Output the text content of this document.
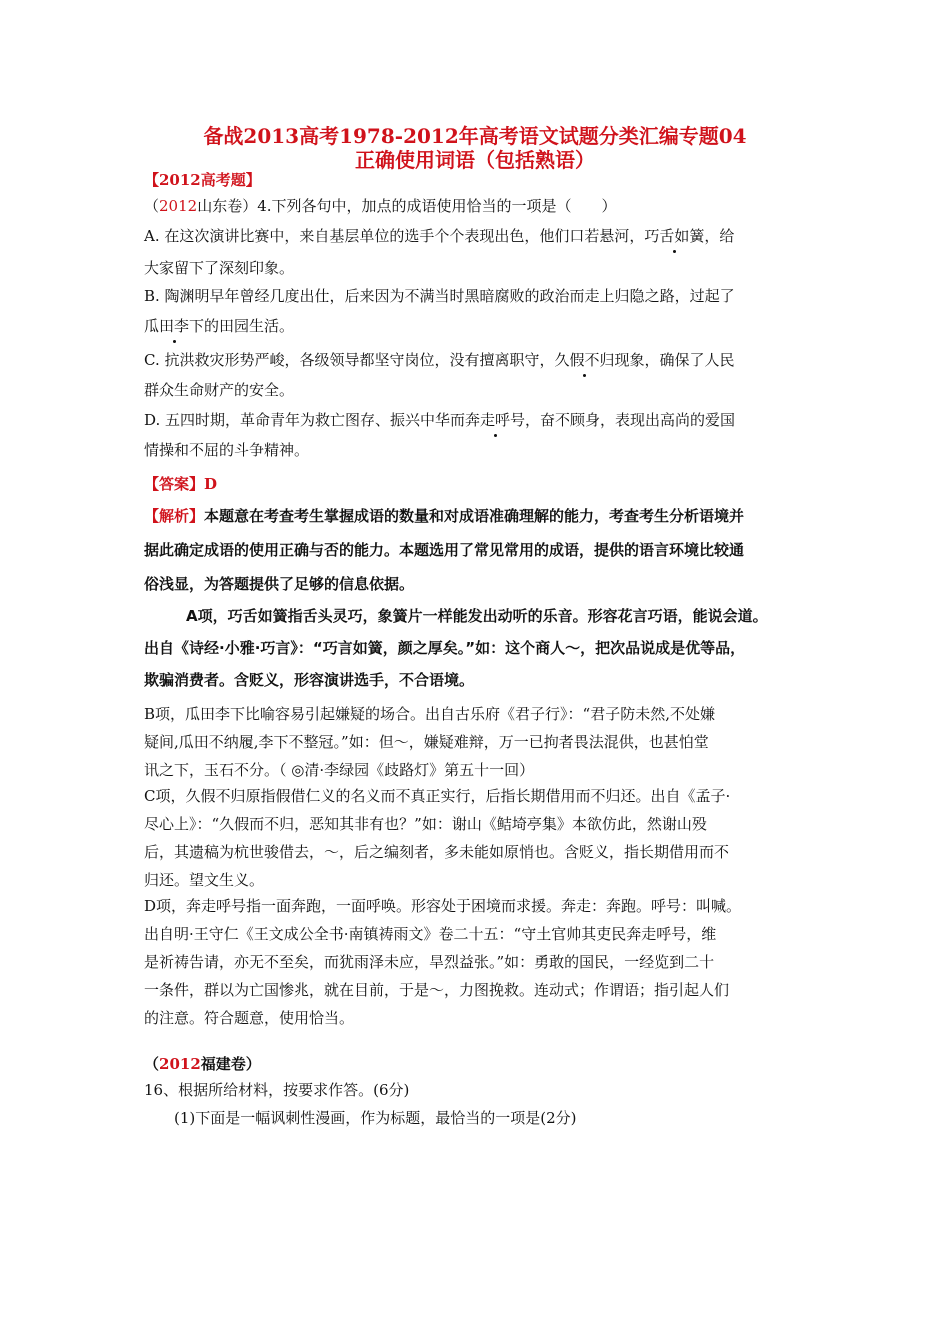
备战2013高考1978-2012年高考语文试题分类汇编专题04
正确使用词语（包括熟语）
【2012高考题】
（2012山东卷）4.下列各句中，加点的成语使用恰当的一项是（　　）
A. 在这次演讲比赛中，来自基层单位的选手个个表现出色，他们口若悬河，巧舌如簧，给
大家留下了深刻印象。
B. 陶渊明早年曾经几度出仕，后来因为不满当时黑暗腐败的政治而走上归隐之路，过起了
瓜田李下的田园生活。
C. 抗洪救灾形势严峻，各级领导都坚守岗位，没有擅离职守，久假不归现象，确保了人民
群众生命财产的安全。
D. 五四时期，革命青年为救亡图存、振兴中华而奔走呼号，奋不顾身，表现出高尚的爱国
情操和不屈的斗争精神。
【答案】D
【解析】本题意在考查考生掌握成语的数量和对成语准确理解的能力，考查考生分析语境并
据此确定成语的使用正确与否的能力。本题选用了常见常用的成语，提供的语言环境比较通
俗浅显，为答题提供了足够的信息依据。
A项，巧舌如簧指舌头灵巧，象簧片一样能发出动听的乐音。形容花言巧语，能说会道。
出自《诗经·小雅·巧言》：“巧言如簧，颜之厚矣。”如：这个商人～，把次品说成是优等品，
欺骗消费者。含贬义，形容演讲选手，不合语境。
B项，瓜田李下比喻容易引起嫌疑的场合。出自古乐府《君子行》：“君子防未然,不处嫌
疑间,瓜田不纳履,李下不整冠。”如：但～，嫌疑难辩，万一已拘者畏法混供，也甚怕堂
讯之下，玉石不分。（ ◎清·李绿园《歧路灯》第五十一回）
C项，久假不归原指假借仁义的名义而不真正实行，后指长期借用而不归还。出自《孟子·
尽心上》：“久假而不归，恶知其非有也？”如：谢山《鲒埼亭集》本欲仿此，然谢山殁
后，其遗稿为杭世骏借去，～，后之编刻者，多未能如原悄也。含贬义，指长期借用而不
归还。望文生义。
D项，奔走呼号指一面奔跑，一面呼唤。形容处于困境而求援。奔走：奔跑。呼号：叫喊。
出自明·王守仁《王文成公全书·南镇祷雨文》卷二十五：“守土官帅其吏民奔走呼号，维
是祈祷告请，亦无不至矣，而犹雨泽未应，旱烈益张。”如：勇敢的国民，一经览到二十
一条件，群以为亡国惨兆，就在目前，于是～，力图挽救。连动式；作谓语；指引起人们
的注意。符合题意，使用恰当。
（2012福建卷）
16、根据所给材料，按要求作答。(6分)
(1)下面是一幅讽刺性漫画，作为标题，最恰当的一项是(2分)
